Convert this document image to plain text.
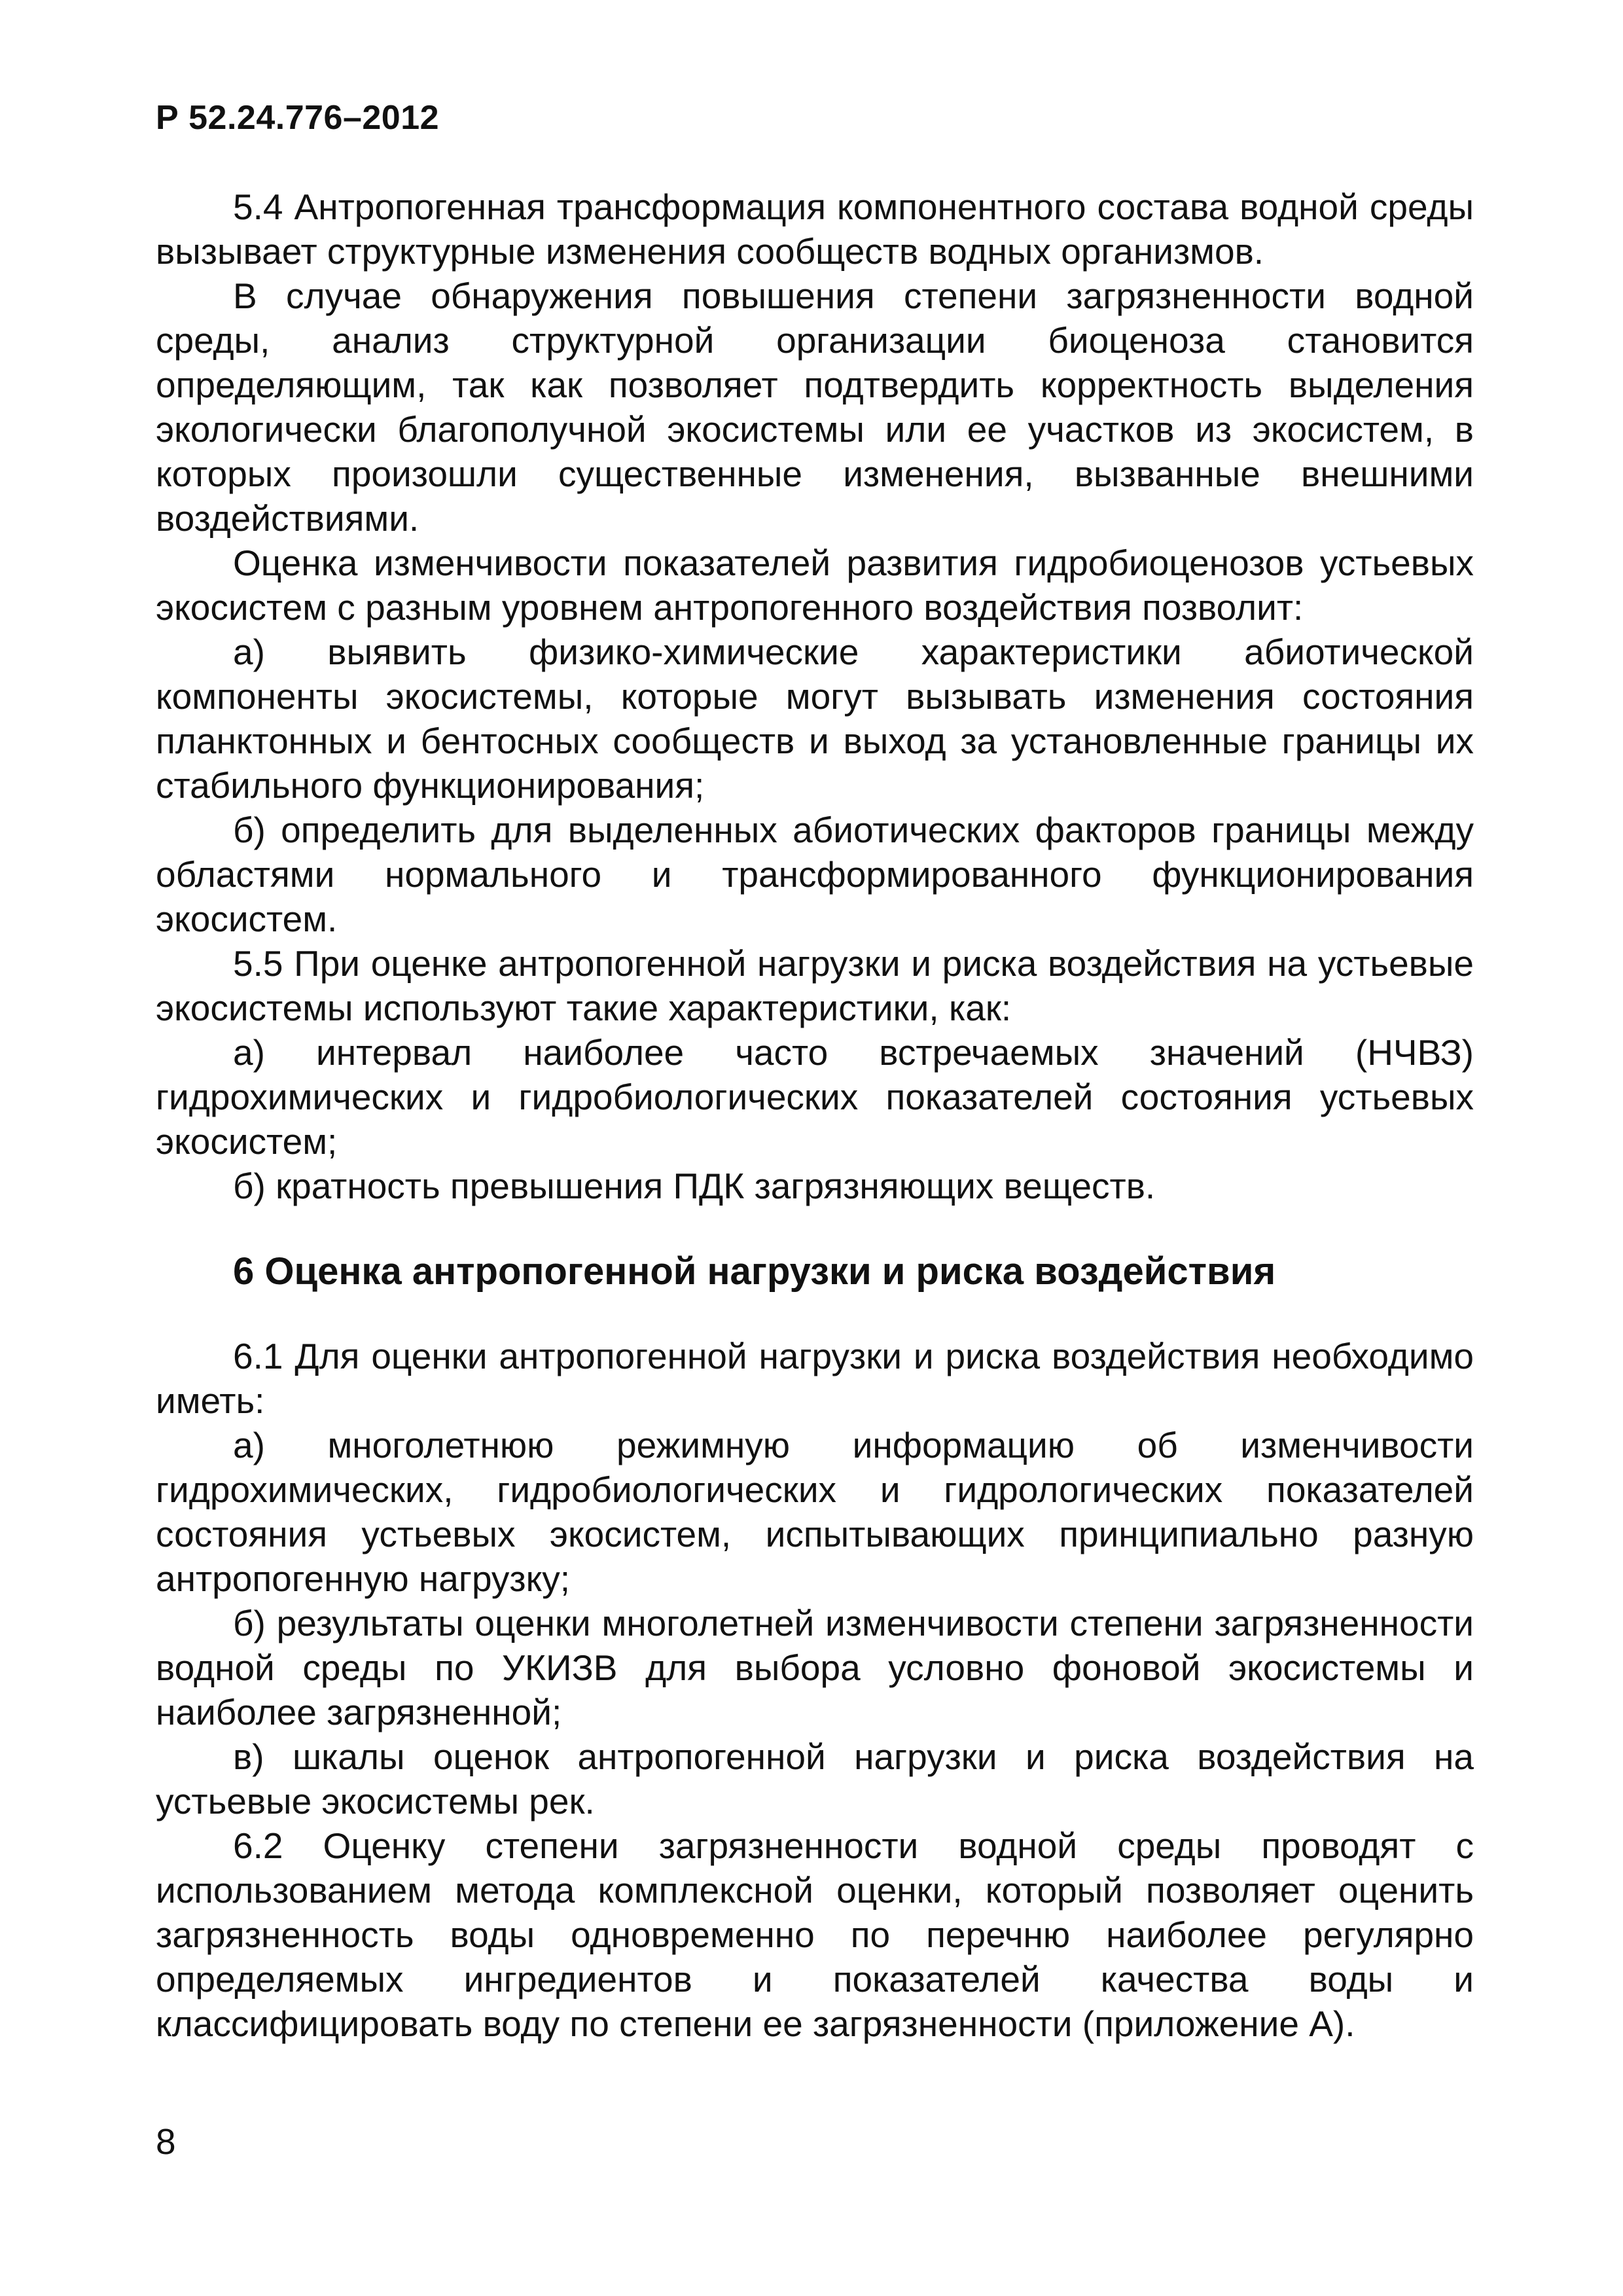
Р 52.24.776–2012

5.4 Антропогенная трансформация компонентного состава водной среды вызывает структурные изменения сообществ водных организмов.

В случае обнаружения повышения степени загрязненности водной среды, анализ структурной организации биоценоза становится определяющим, так как позволяет подтвердить корректность выделения экологически благополучной экосистемы или ее участков из экосистем, в которых произошли существенные изменения, вызванные внешними воздействиями.

Оценка изменчивости показателей развития гидробиоценозов устьевых экосистем с разным уровнем антропогенного воздействия позволит:

а) выявить физико-химические характеристики абиотической компоненты экосистемы, которые могут вызывать изменения состояния планктонных и бентосных сообществ и выход за установленные границы их стабильного функционирования;

б) определить для выделенных абиотических факторов границы между областями нормального и трансформированного функционирования экосистем.

5.5 При оценке антропогенной нагрузки и риска воздействия на устьевые экосистемы используют такие характеристики, как:

а) интервал наиболее часто встречаемых значений (НЧВЗ) гидрохимических и гидробиологических показателей состояния устьевых экосистем;

б) кратность превышения ПДК загрязняющих веществ.

6 Оценка антропогенной нагрузки и риска воздействия

6.1 Для оценки антропогенной нагрузки и риска воздействия необходимо иметь:

а) многолетнюю режимную информацию об изменчивости гидрохимических, гидробиологических и гидрологических показателей состояния устьевых экосистем, испытывающих принципиально разную антропогенную нагрузку;

б) результаты оценки многолетней изменчивости степени загрязненности водной среды по УКИЗВ для выбора условно фоновой экосистемы и наиболее загрязненной;

в) шкалы оценок антропогенной нагрузки и риска воздействия на устьевые экосистемы рек.

6.2 Оценку степени загрязненности водной среды проводят с использованием метода комплексной оценки, который позволяет оценить загрязненность воды одновременно по перечню наиболее регулярно определяемых ингредиентов и показателей качества воды и классифицировать воду по степени ее загрязненности (приложение А).

8
